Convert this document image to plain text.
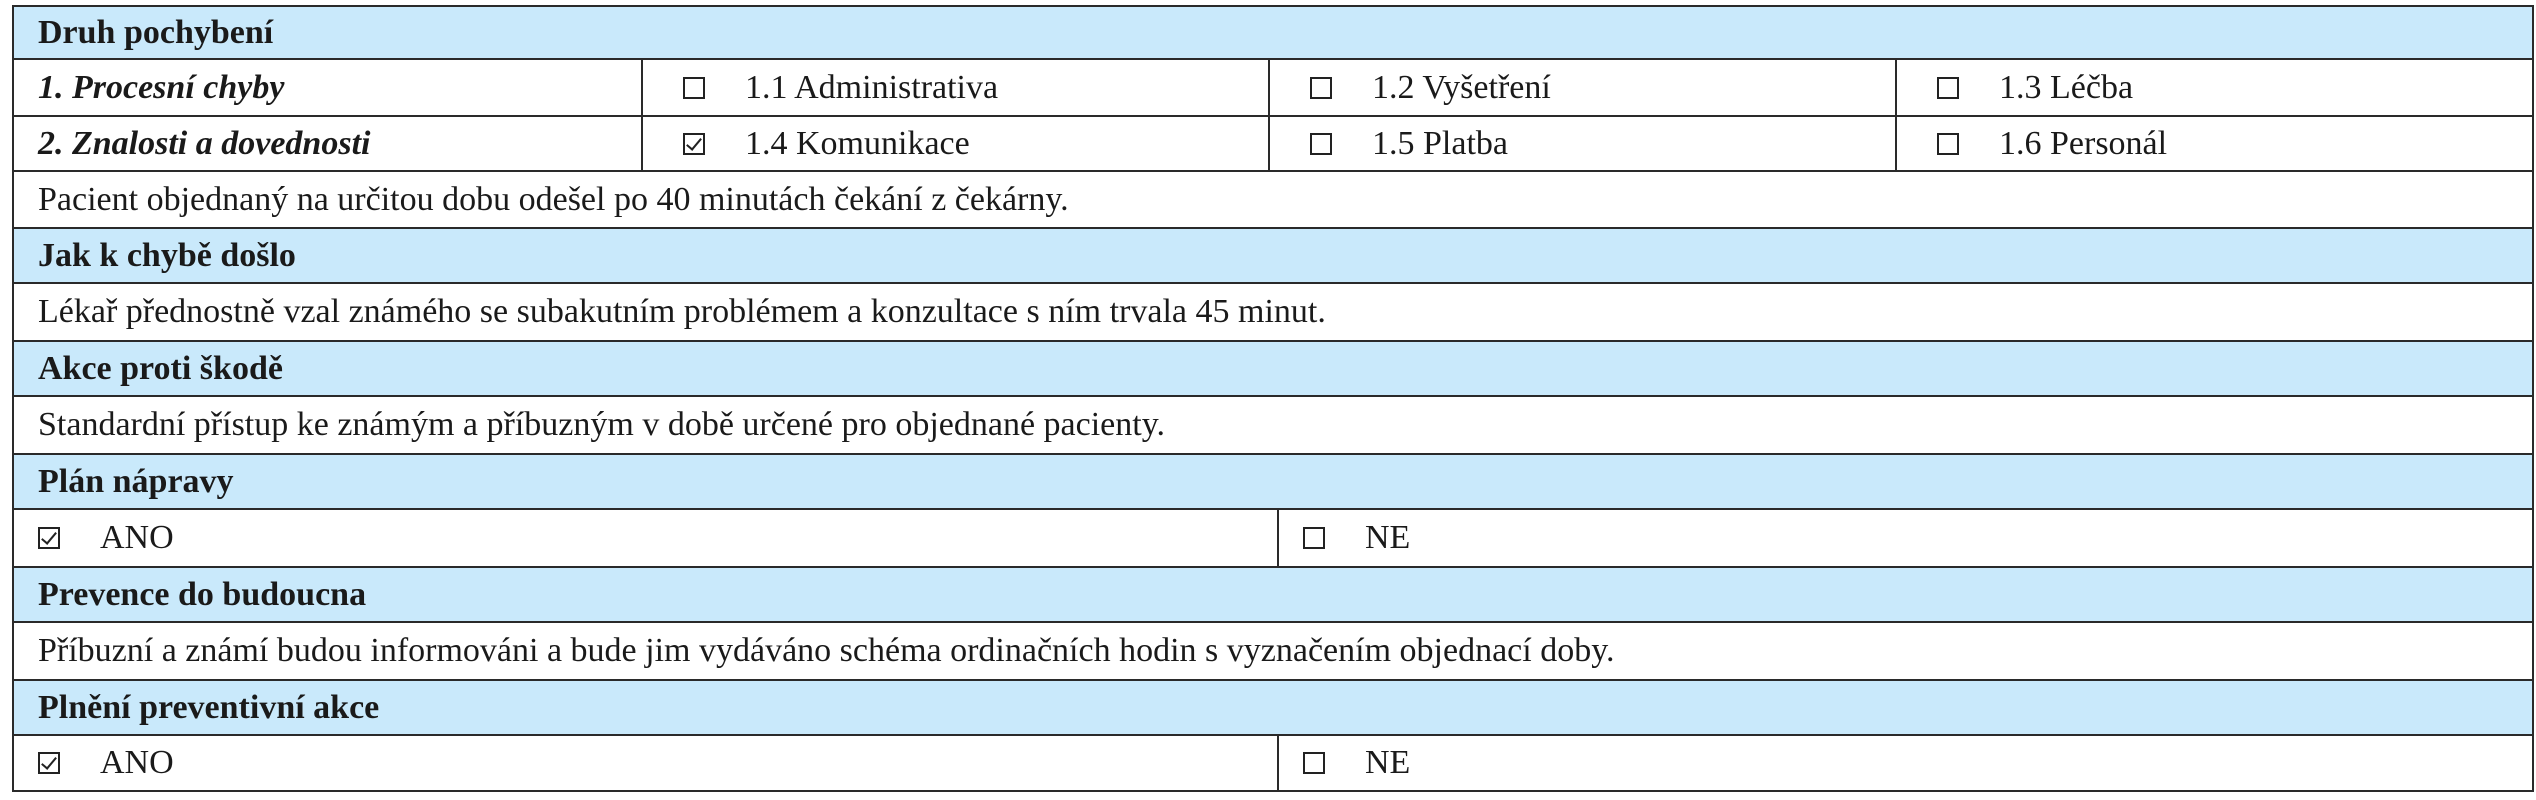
Druh pochybení
1. Procesní chyby	1.1 Administrativa	1.2 Vyšetření	1.3 Léčba
2. Znalosti a dovednosti	1.4 Komunikace	1.5 Platba	1.6 Personál
Pacient objednaný na určitou dobu odešel po 40 minutách čekání z čekárny.
Jak k chybě došlo
Lékař přednostně vzal známého se subakutním problémem a konzultace s ním trvala 45 minut.
Akce proti škodě
Standardní přístup ke známým a příbuzným v době určené pro objednané pacienty.
Plán nápravy
ANO	NE
Prevence do budoucna
Příbuzní a známí budou informováni a bude jim vydáváno schéma ordinačních hodin s vyznačením objednací doby.
Plnění preventivní akce
ANO	NE
